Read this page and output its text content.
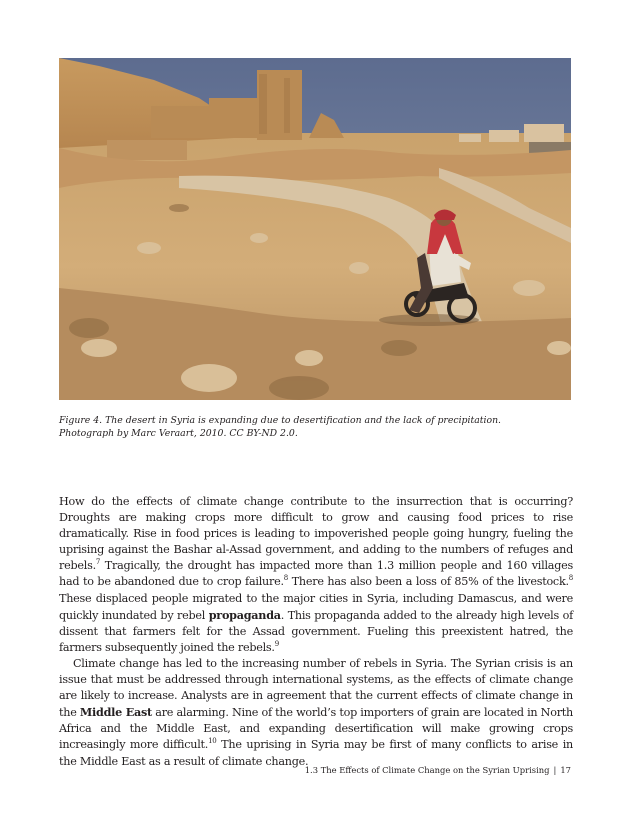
Figure 4. The desert in Syria is expanding due to desertification and the lack of precipitation.

Photograph by Marc Veraart, 2010. CC BY-ND 2.0.

How do the effects of climate change contribute to the insurrection that is occurring? Droughts are making crops more difficult to grow and causing food prices to rise dramatically. Rise in food prices is leading to impoverished people going hungry, fueling the uprising against the Bashar al-Assad government, and adding to the numbers of refuges and rebels.$^7$ Tragically, the drought has impacted more than 1.3 million people and 160 villages had to be abandoned due to crop failure.$^8$ There has also been a loss of 85% of the livestock.$^8$ These displaced people migrated to the major cities in Syria, including Damascus, and were quickly inundated by rebel propaganda. This propaganda added to the already high levels of dissent that farmers felt for the Assad government. Fueling this preexistent hatred, the farmers subsequently joined the rebels.$^9$

Climate change has led to the increasing number of rebels in Syria. The Syrian crisis is an issue that must be addressed through international systems, as the effects of climate change are likely to increase. Analysts are in agreement that the current effects of climate change in the Middle East are alarming. Nine of the world’s top importers of grain are located in North Africa and the Middle East, and expanding desertification will make growing crops increasingly more difficult.$^{10}$ The uprising in Syria may be first of many conflicts to arise in the Middle East as a result of climate change.

1.3 The Effects of Climate Change on the Syrian Uprising | 17
